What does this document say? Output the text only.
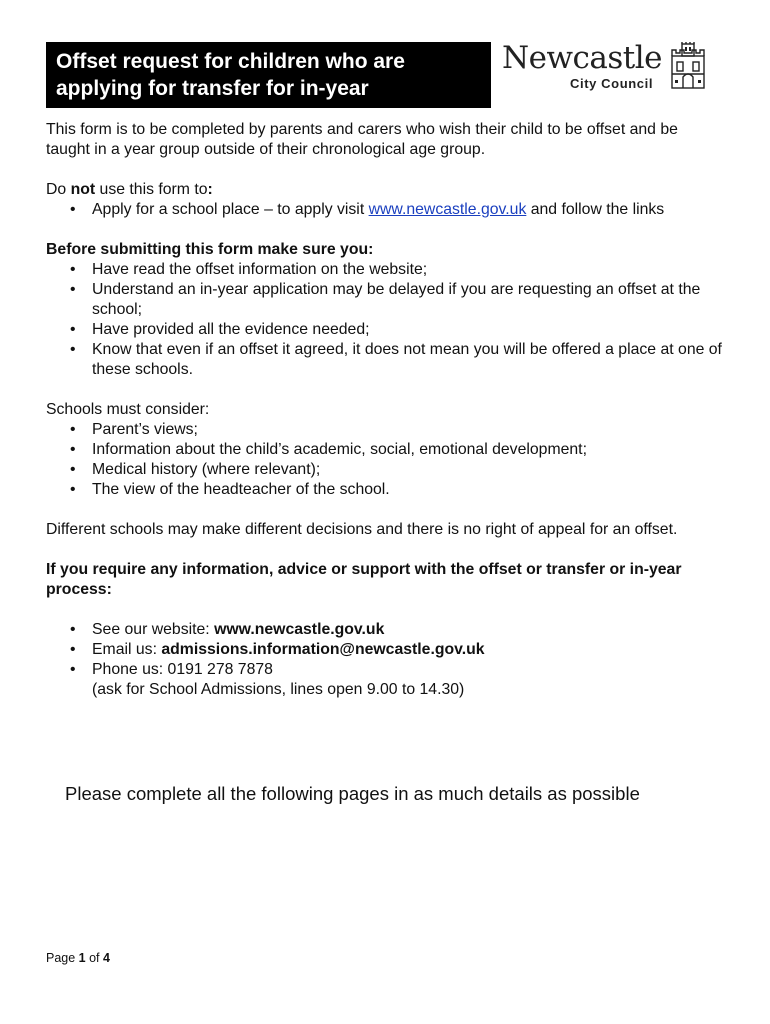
Offset request for children who are
applying for transfer for in-year
Newcastle
City Council

This form is to be completed by parents and carers who wish their child to be offset and be taught in a year group outside of their chronological age group.

Do not use this form to:

• Apply for a school place – to apply visit www.newcastle.gov.uk and follow the links

Before submitting this form make sure you:

• Have read the offset information on the website;
• Understand an in-year application may be delayed if you are requesting an offset at the school;
• Have provided all the evidence needed;
• Know that even if an offset it agreed, it does not mean you will be offered a place at one of these schools.

Schools must consider:

• Parent’s views;
• Information about the child’s academic, social, emotional development;
• Medical history (where relevant);
• The view of the headteacher of the school.

Different schools may make different decisions and there is no right of appeal for an offset.

If you require any information, advice or support with the offset or transfer or in-year process:

• See our website: www.newcastle.gov.uk
• Email us: admissions.information@newcastle.gov.uk
• Phone us: 0191 278 7878
(ask for School Admissions, lines open 9.00 to 14.30)

Please complete all the following pages in as much details as possible

Page 1 of 4
